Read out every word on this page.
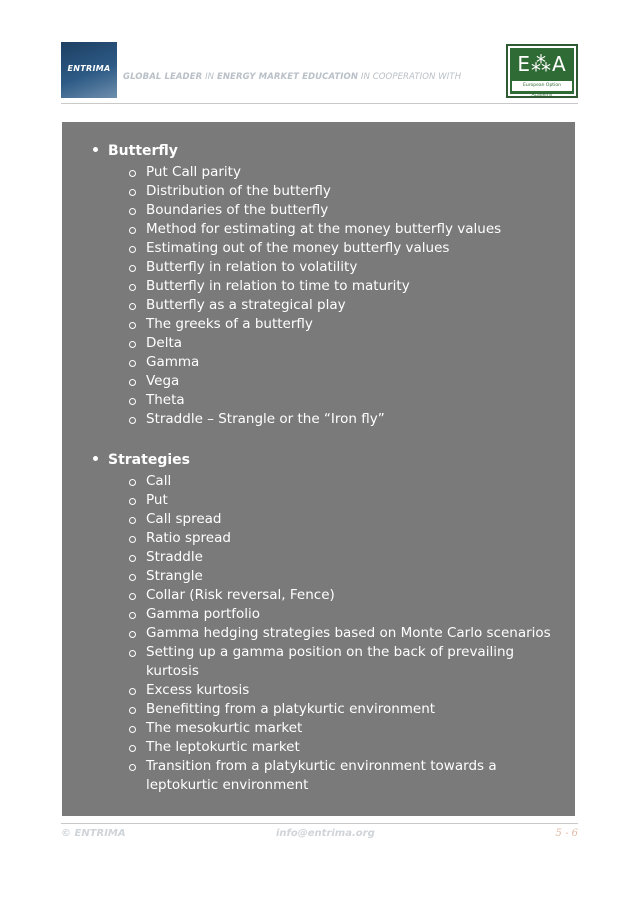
ENTRIMA
GLOBAL LEADER IN ENERGY MARKET EDUCATION IN COOPERATION WITH
E⁂A
European Option Academy
Butterfly
Put Call parity
Distribution of the butterfly
Boundaries of the butterfly
Method for estimating at the money butterfly values
Estimating out of the money butterfly values
Butterfly in relation to volatility
Butterfly in relation to time to maturity
Butterfly as a strategical play
The greeks of a butterfly
Delta
Gamma
Vega
Theta
Straddle – Strangle or the “Iron fly”
Strategies
Call
Put
Call spread
Ratio spread
Straddle
Strangle
Collar (Risk reversal, Fence)
Gamma portfolio
Gamma hedging strategies based on Monte Carlo scenarios
Setting up a gamma position on the back of prevailing kurtosis
Excess kurtosis
Benefitting from a platykurtic environment
The mesokurtic market
The leptokurtic market
Transition from a platykurtic environment towards a leptokurtic environment
© ENTRIMA	info@entrima.org	5 - 6
